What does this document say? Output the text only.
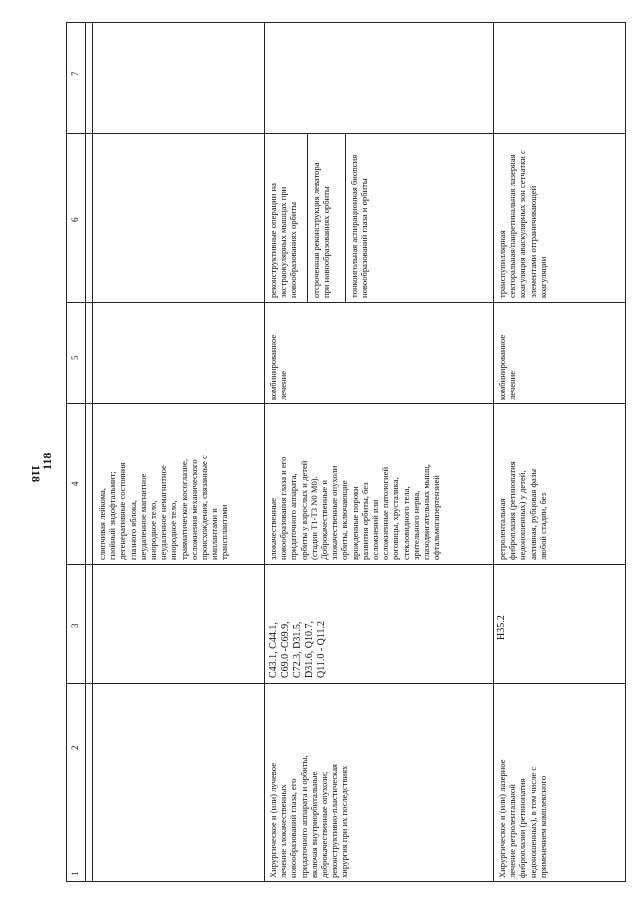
118
1
2
3
4
5
6
7
118
слипчивая лейкома,
гнойный эндофтальмит;
дегенеративные состояния
глазного яблока,
неудаленное магнитное
инородное тело,
неудаленное немагнитное
инородное тело,
травматическое косоглазие,
осложнения механического
происхождения, связанные с
имплантами и
трансплантами
Хирургическое и (или) лучевое
лечение злокачественных
новообразований глаза, его
придаточного аппарата и орбиты,
включая внутриорбитальные
доброкачественные опухоли;
реконструктивно-пластическая
хирургия при их последствиях
C43.1, C44.1,
C69.0 -C69.9,
C72.3, D31.5,
D31.6, Q10.7,
Q11.0 - Q11.2
злокачественные
новообразования глаза и его
придаточного аппарата,
орбиты у взрослых и детей
(стадии T1-T3 N0 M0).
Доброкачественные и
злокачественные опухоли
орбиты, включающие
врожденные пороки
развития орбиты, без
осложнений или
осложненные патологией
роговицы, хрусталика,
стекловидного тела,
зрительного нерва,
глазодвигательных мышц,
офтальмогипертензией
комбинированное
лечение
реконструктивные операции на
экстраокулярных мышцах при
новообразованиях орбиты
отсроченная реконструкция леватора
при новообразованиях орбиты
тонкоигольная аспирационная биопсия
новообразований глаза и орбиты
Хирургическое и (или) лазерное
лечение ретролентальной
фиброплазии (ретинопатия
недоношенных), в том числе с
применением комплексного
H35.2
ретролентальная
фиброплазия (ретинопатия
недоношенных) у детей,
активная, рубцовая фазы
любой стадии, без
комбинированное
лечение
транспупиллярная
секторальная/панретинальная лазерная
коагуляция аваскулярных зон сетчатки с
элементами отграничивающей
коагуляции
